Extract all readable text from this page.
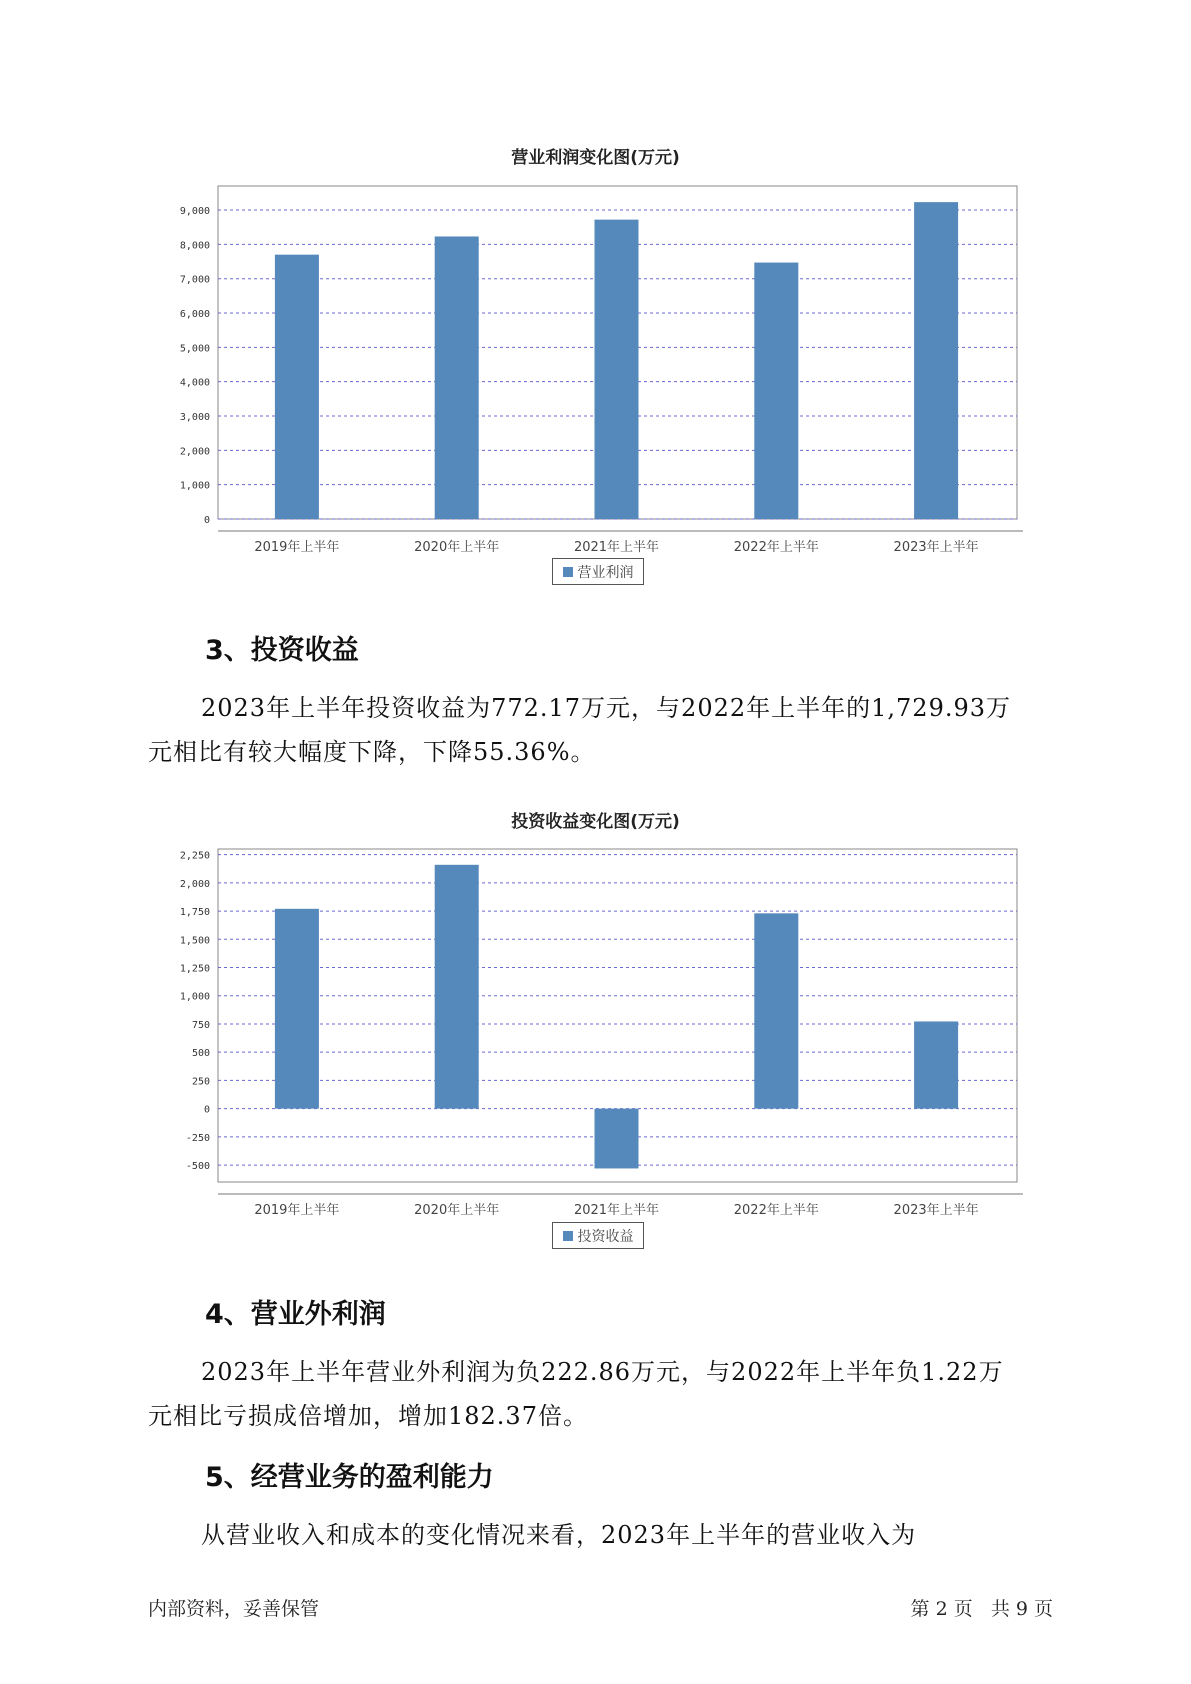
营业利润变化图(万元)
0
1,000
2,000
3,000
4,000
5,000
6,000
7,000
8,000
9,000
2019年上半年	2020年上半年	2021年上半年	2022年上半年	2023年上半年
营业利润
3、投资收益
2023年上半年投资收益为772.17万元，与2022年上半年的1,729.93万
元相比有较大幅度下降，下降55.36%。
投资收益变化图(万元)
-500
-250
0
250
500
750
1,000
1,250
1,500
1,750
2,000
2,250
2019年上半年	2020年上半年	2021年上半年	2022年上半年	2023年上半年
投资收益
4、营业外利润
2023年上半年营业外利润为负222.86万元，与2022年上半年负1.22万
元相比亏损成倍增加，增加182.37倍。
5、经营业务的盈利能力
从营业收入和成本的变化情况来看，2023年上半年的营业收入为
内部资料，妥善保管	第 2 页   共 9 页
